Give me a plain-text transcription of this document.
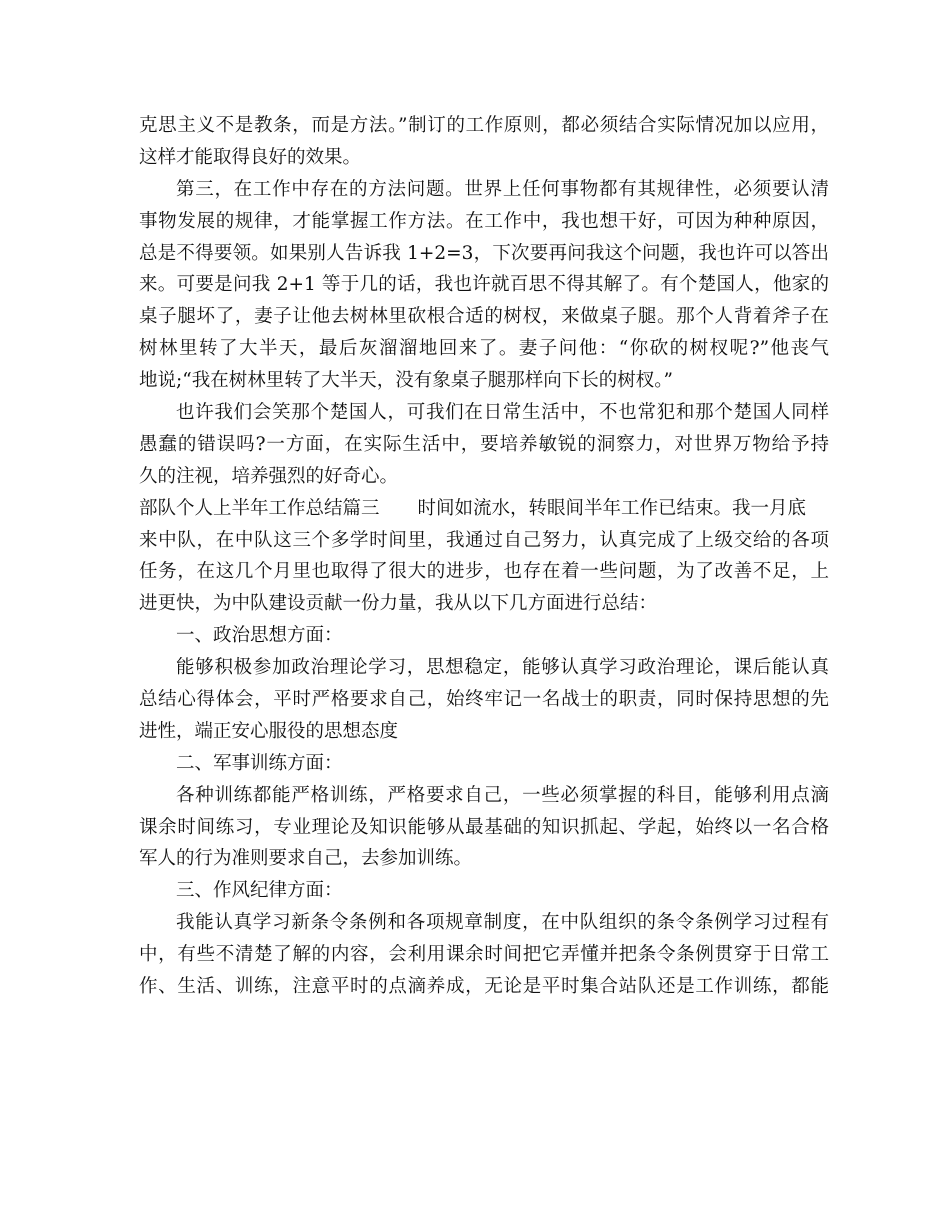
克思主义不是教条，而是方法。”制订的工作原则，都必须结合实际情况加以应用，
这样才能取得良好的效果。
第三，在工作中存在的方法问题。世界上任何事物都有其规律性，必须要认清
事物发展的规律，才能掌握工作方法。在工作中，我也想干好，可因为种种原因，
总是不得要领。如果别人告诉我 1+2=3，下次要再问我这个问题，我也许可以答出
来。可要是问我 2+1 等于几的话，我也许就百思不得其解了。有个楚国人，他家的
桌子腿坏了，妻子让他去树林里砍根合适的树杈，来做桌子腿。那个人背着斧子在
树林里转了大半天，最后灰溜溜地回来了。妻子问他：“你砍的树杈呢?”他丧气
地说;“我在树林里转了大半天，没有象桌子腿那样向下长的树杈。”
也许我们会笑那个楚国人，可我们在日常生活中，不也常犯和那个楚国人同样
愚蠢的错误吗?一方面，在实际生活中，要培养敏锐的洞察力，对世界万物给予持
久的注视，培养强烈的好奇心。
部队个人上半年工作总结篇三 时间如流水，转眼间半年工作已结束。我一月底
来中队，在中队这三个多学时间里，我通过自己努力，认真完成了上级交给的各项
任务，在这几个月里也取得了很大的进步，也存在着一些问题，为了改善不足，上
进更快，为中队建设贡献一份力量，我从以下几方面进行总结：
一、政治思想方面：
能够积极参加政治理论学习，思想稳定，能够认真学习政治理论，课后能认真
总结心得体会，平时严格要求自己，始终牢记一名战士的职责，同时保持思想的先
进性，端正安心服役的思想态度
二、军事训练方面：
各种训练都能严格训练，严格要求自己，一些必须掌握的科目，能够利用点滴
课余时间练习，专业理论及知识能够从最基础的知识抓起、学起，始终以一名合格
军人的行为准则要求自己，去参加训练。
三、作风纪律方面：
我能认真学习新条令条例和各项规章制度，在中队组织的条令条例学习过程有
中，有些不清楚了解的内容，会利用课余时间把它弄懂并把条令条例贯穿于日常工
作、生活、训练，注意平时的点滴养成，无论是平时集合站队还是工作训练，都能
